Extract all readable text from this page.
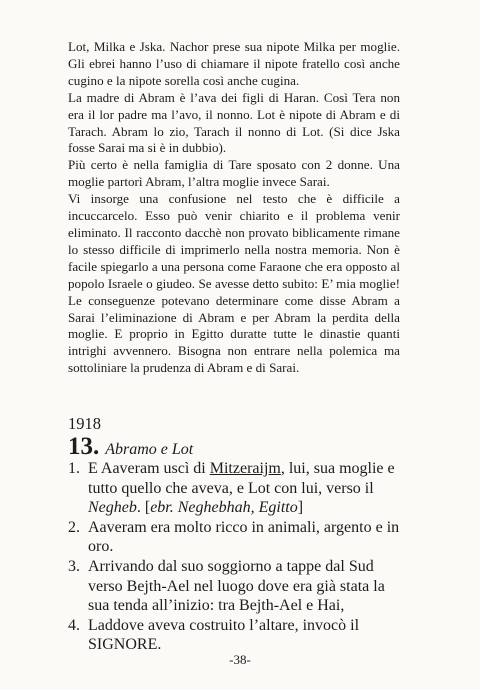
Lot, Milka e Jska. Nachor prese sua nipote Milka per moglie. Gli ebrei hanno l’uso di chiamare il nipote fratello così anche cugino e la nipote sorella così anche cugina.

La madre di Abram è l’ava dei figli di Haran. Così Tera non era il lor padre ma l’avo, il nonno. Lot è nipote di Abram e di Tarach. Abram lo zio, Tarach il nonno di Lot. (Si dice Jska fosse Sarai ma si è in dubbio).

Più certo è nella famiglia di Tare sposato con 2 donne. Una moglie partorì Abram, l’altra moglie invece Sarai.

Vi insorge una confusione nel testo che è difficile a incuccarcelo. Esso può venir chiarito e il problema venir eliminato. Il racconto dacchè non provato biblicamente rimane lo stesso difficile di imprimerlo nella nostra memoria. Non è facile spiegarlo a una persona come Faraone che era opposto al popolo Israele o giudeo. Se avesse detto subito: E’ mia moglie! Le conseguenze potevano determinare come disse Abram a Sarai l’eliminazione di Abram e per Abram la perdita della moglie. E proprio in Egitto duratte tutte le dinastie quanti intrighi avvennero. Bisogna non entrare nella polemica ma sottoliniare la prudenza di Abram e di Sarai.

1918
13. Abramo e Lot
1. E Aaveram uscì di Mitzeraijm, lui, sua moglie e tutto quello che aveva, e Lot con lui, verso il Negheb. [ebr. Neghebhah, Egitto]
2. Aaveram era molto ricco in animali, argento e in oro.
3. Arrivando dal suo soggiorno a tappe dal Sud verso Bejth-Ael nel luogo dove era già stata la sua tenda all’inizio: tra Bejth-Ael e Hai,
4. Laddove aveva costruito l’altare, invocò il SIGNORE.
-38-
